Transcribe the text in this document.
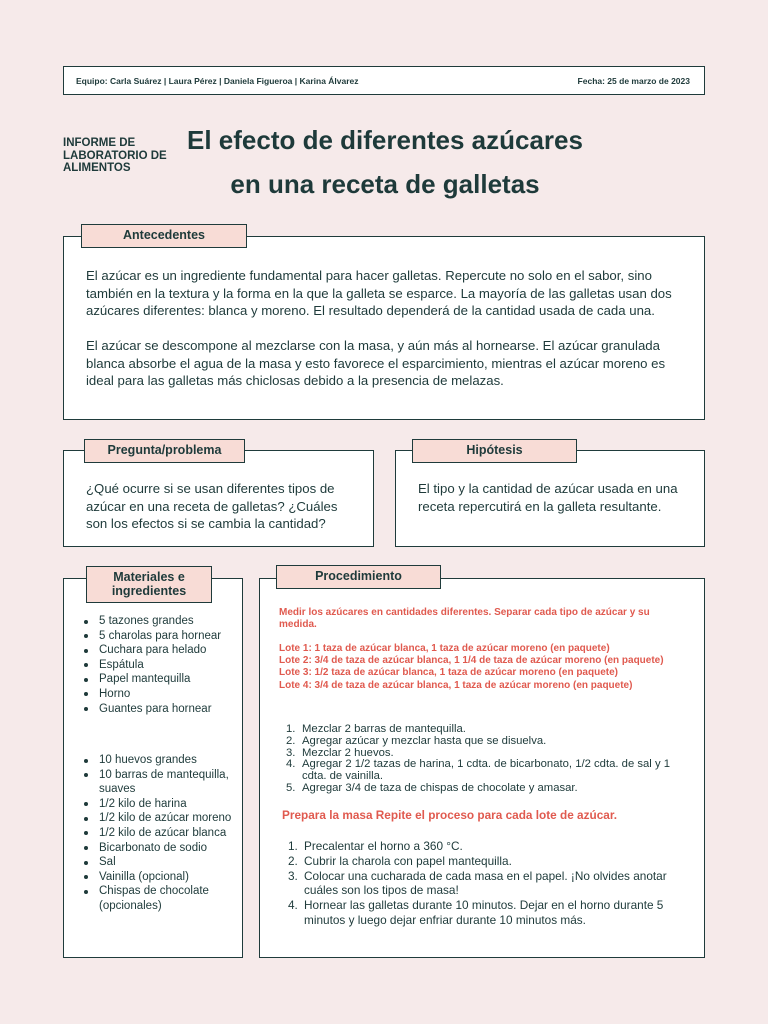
Equipo: Carla Suárez | Laura Pérez | Daniela Figueroa | Karina Álvarez	Fecha: 25 de marzo de 2023
INFORME DE LABORATORIO DE ALIMENTOS
El efecto de diferentes azúcares
en una receta de galletas
Antecedentes
El azúcar es un ingrediente fundamental para hacer galletas. Repercute no solo en el sabor, sino también en la textura y la forma en la que la galleta se esparce. La mayoría de las galletas usan dos azúcares diferentes: blanca y moreno. El resultado dependerá de la cantidad usada de cada una.
El azúcar se descompone al mezclarse con la masa, y aún más al hornearse. El azúcar granulada blanca absorbe el agua de la masa y esto favorece el esparcimiento, mientras el azúcar moreno es ideal para las galletas más chiclosas debido a la presencia de melazas.
Pregunta/problema
¿Qué ocurre si se usan diferentes tipos de azúcar en una receta de galletas? ¿Cuáles son los efectos si se cambia la cantidad?
Hipótesis
El tipo y la cantidad de azúcar usada en una receta repercutirá en la galleta resultante.
Materiales e ingredientes
5 tazones grandes
5 charolas para hornear
Cuchara para helado
Espátula
Papel mantequilla
Horno
Guantes para hornear
10 huevos grandes
10 barras de mantequilla, suaves
1/2 kilo de harina
1/2 kilo de azúcar moreno
1/2 kilo de azúcar blanca
Bicarbonato de sodio
Sal
Vainilla (opcional)
Chispas de chocolate (opcionales)
Procedimiento
Medir los azúcares en cantidades diferentes. Separar cada tipo de azúcar y su medida.
Lote 1: 1 taza de azúcar blanca, 1 taza de azúcar moreno (en paquete)
Lote 2: 3/4 de taza de azúcar blanca, 1 1/4 de taza de azúcar moreno (en paquete)
Lote 3: 1/2 taza de azúcar blanca, 1 taza de azúcar moreno (en paquete)
Lote 4: 3/4 de taza de azúcar blanca, 1 taza de azúcar moreno (en paquete)
1. Mezclar 2 barras de mantequilla.
2. Agregar azúcar y mezclar hasta que se disuelva.
3. Mezclar 2 huevos.
4. Agregar 2 1/2 tazas de harina, 1 cdta. de bicarbonato, 1/2 cdta. de sal y 1 cdta. de vainilla.
5. Agregar 3/4 de taza de chispas de chocolate y amasar.
Prepara la masa Repite el proceso para cada lote de azúcar.
1. Precalentar el horno a 360 °C.
2. Cubrir la charola con papel mantequilla.
3. Colocar una cucharada de cada masa en el papel. ¡No olvides anotar cuáles son los tipos de masa!
4. Hornear las galletas durante 10 minutos. Dejar en el horno durante 5 minutos y luego dejar enfriar durante 10 minutos más.
